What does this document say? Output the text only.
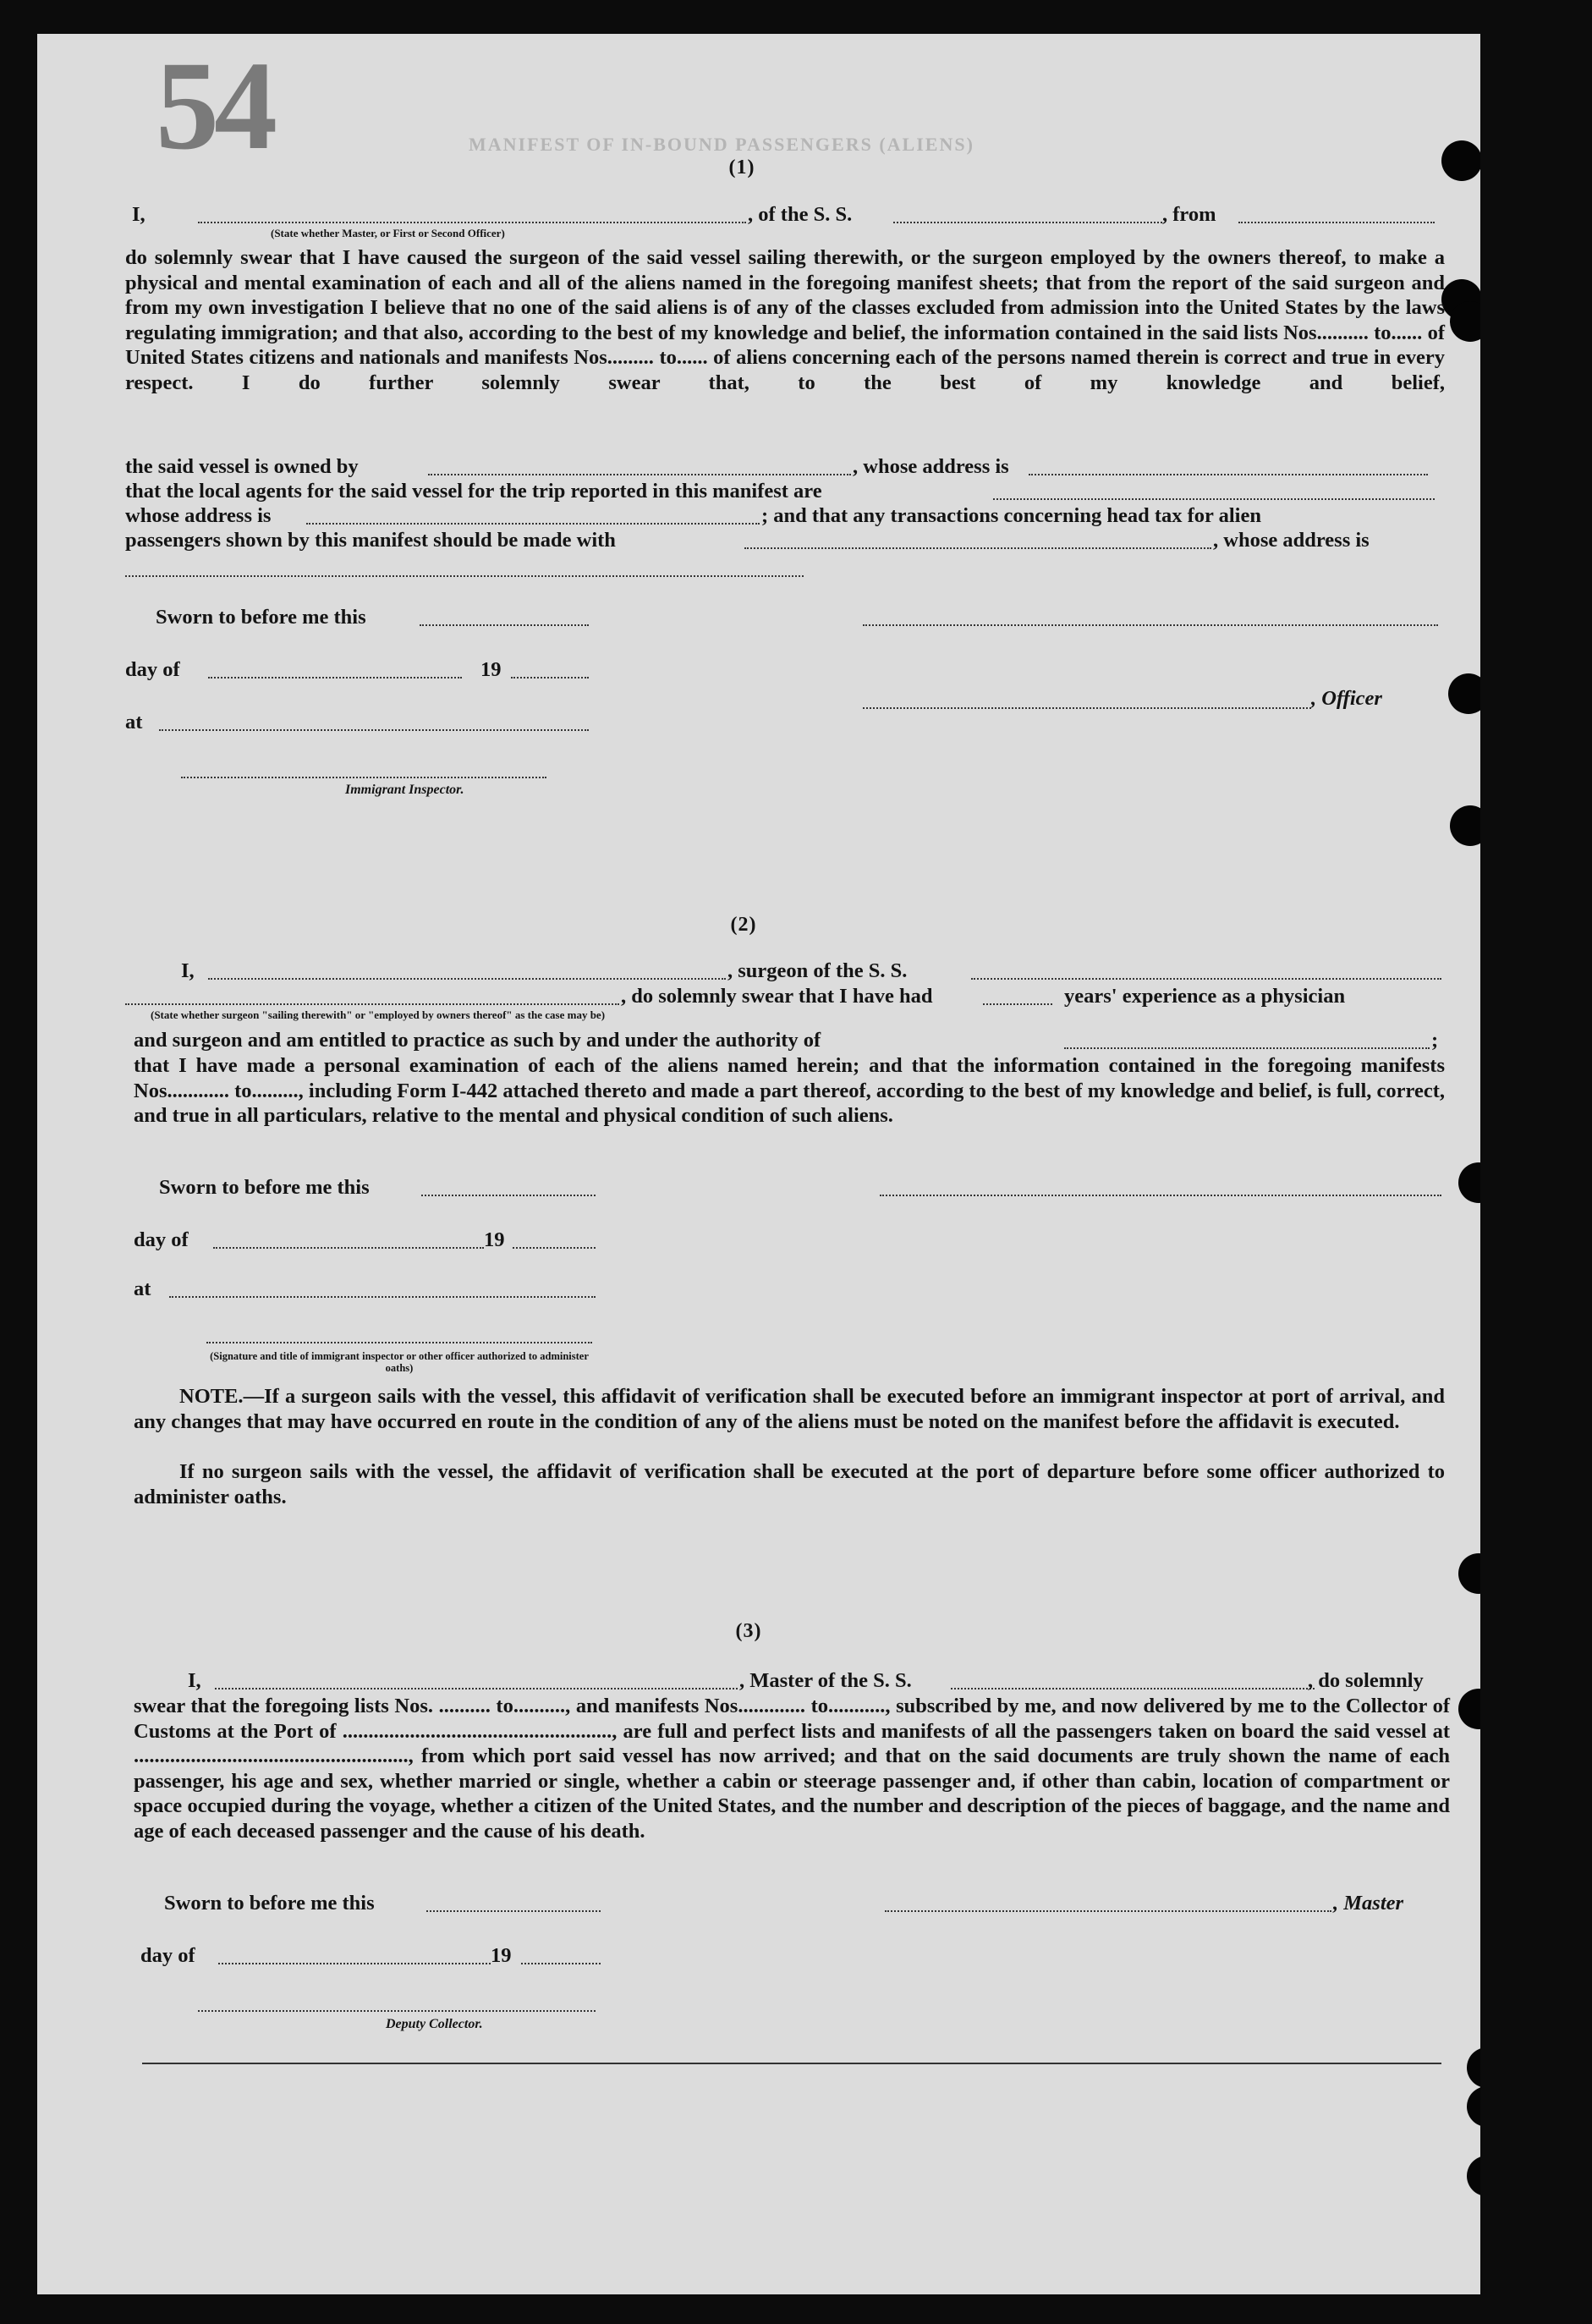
54	MANIFEST OF IN-BOUND PASSENGERS (ALIENS)
(1)
I,	, of the S. S.	, from
(State whether Master, or First or Second Officer)

do solemnly swear that I have caused the surgeon of the said vessel sailing therewith, or the surgeon employed by the owners thereof, to make a physical and mental examination of each and all of the aliens named in the foregoing manifest sheets; that from the report of the said surgeon and from my own investigation I believe that no one of the said aliens is of any of the classes excluded from admission into the United States by the laws regulating immigration; and that also, according to the best of my knowledge and belief, the information contained in the said lists Nos.......... to...... of United States citizens and nationals and manifests Nos......... to...... of aliens concerning each of the persons named therein is correct and true in every respect. I do further solemnly swear that, to the best of my knowledge and belief,

the said vessel is owned by	, whose address is
that the local agents for the said vessel for the trip reported in this manifest are
whose address is	; and that any transactions concerning head tax for alien
passengers shown by this manifest should be made with	, whose address is
Sworn to before me this
day of	19
, Officer
at
Immigrant Inspector.
(2)
I,	, surgeon of the S. S.
, do solemnly swear that I have had	years' experience as a physician
(State whether surgeon "sailing therewith" or "employed by owners thereof" as the case may be)
and surgeon and am entitled to practice as such by and under the authority of	;

that I have made a personal examination of each of the aliens named herein; and that the information contained in the foregoing manifests Nos............ to........., including Form I-442 attached thereto and made a part thereof, according to the best of my knowledge and belief, is full, correct, and true in all particulars, relative to the mental and physical condition of such aliens.

Sworn to before me this
day of	19
at
(Signature and title of immigrant inspector or other officer authorized to administer oaths)

NOTE.—If a surgeon sails with the vessel, this affidavit of verification shall be executed before an immigrant inspector at port of arrival, and any changes that may have occurred en route in the condition of any of the aliens must be noted on the manifest before the affidavit is executed.

If no surgeon sails with the vessel, the affidavit of verification shall be executed at the port of departure before some officer authorized to administer oaths.

(3)
I,	, Master of the S. S.	, do solemnly

swear that the foregoing lists Nos. .......... to.........., and manifests Nos............. to..........., subscribed by me, and now delivered by me to the Collector of Customs at the Port of ...................................................., are full and perfect lists and manifests of all the passengers taken on board the said vessel at ....................................................., from which port said vessel has now arrived; and that on the said documents are truly shown the name of each passenger, his age and sex, whether married or single, whether a cabin or steerage passenger and, if other than cabin, location of compartment or space occupied during the voyage, whether a citizen of the United States, and the number and description of the pieces of baggage, and the name and age of each deceased passenger and the cause of his death.

Sworn to before me this	, Master
day of	19
Deputy Collector.
